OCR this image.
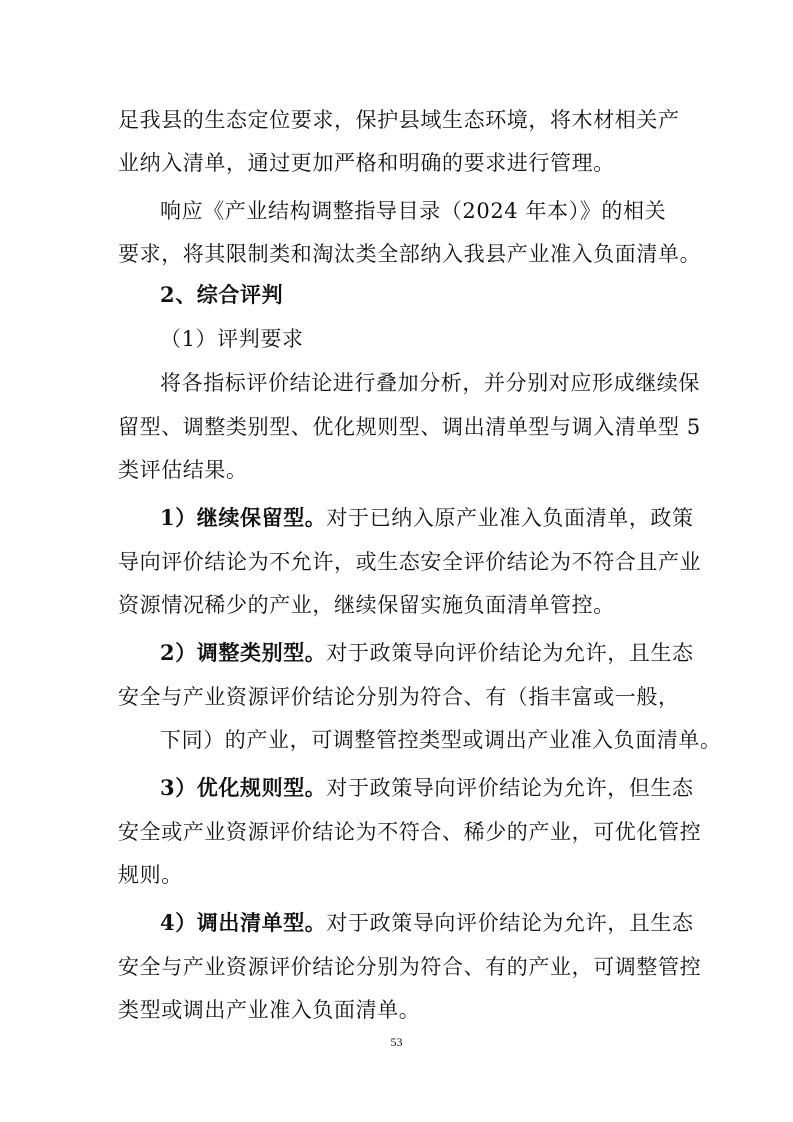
足我县的生态定位要求，保护县域生态环境，将木材相关产
业纳入清单，通过更加严格和明确的要求进行管理。
响应《产业结构调整指导目录（2024 年本）》的相关
要求，将其限制类和淘汰类全部纳入我县产业准入负面清单。
2、综合评判
（1）评判要求
将各指标评价结论进行叠加分析，并分别对应形成继续保
留型、调整类别型、优化规则型、调出清单型与调入清单型 5
类评估结果。
1）继续保留型。对于已纳入原产业准入负面清单，政策
导向评价结论为不允许，或生态安全评价结论为不符合且产业
资源情况稀少的产业，继续保留实施负面清单管控。
2）调整类别型。对于政策导向评价结论为允许，且生态
安全与产业资源评价结论分别为符合、有（指丰富或一般，
下同）的产业，可调整管控类型或调出产业准入负面清单。
3）优化规则型。对于政策导向评价结论为允许，但生态
安全或产业资源评价结论为不符合、稀少的产业，可优化管控
规则。
4）调出清单型。对于政策导向评价结论为允许，且生态
安全与产业资源评价结论分别为符合、有的产业，可调整管控
类型或调出产业准入负面清单。
53
